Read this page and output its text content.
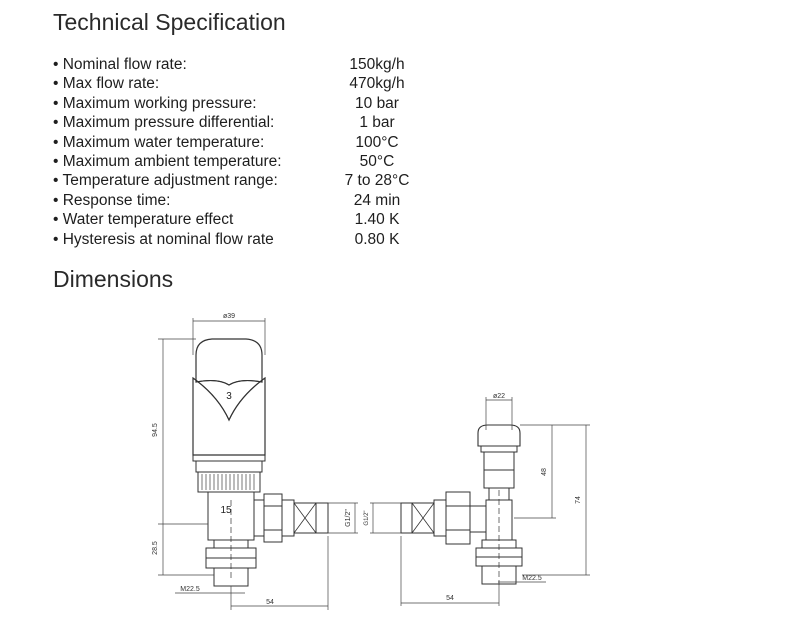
Technical Specification
• Nominal flow rate:	150kg/h
• Max flow rate:	470kg/h
• Maximum working pressure:	10 bar
• Maximum pressure differential:	1 bar
• Maximum water temperature:	100°C
• Maximum ambient temperature:	50°C
• Temperature adjustment range:	7 to 28°C
• Response time:	24 min
• Water temperature effect	1.40 K
• Hysteresis at nominal flow rate	0.80 K
Dimensions
3
15
ø39
94.5
28.5
G1/2"
M22.5
54
ø22
48
74
G1/2"
M22.5
54
